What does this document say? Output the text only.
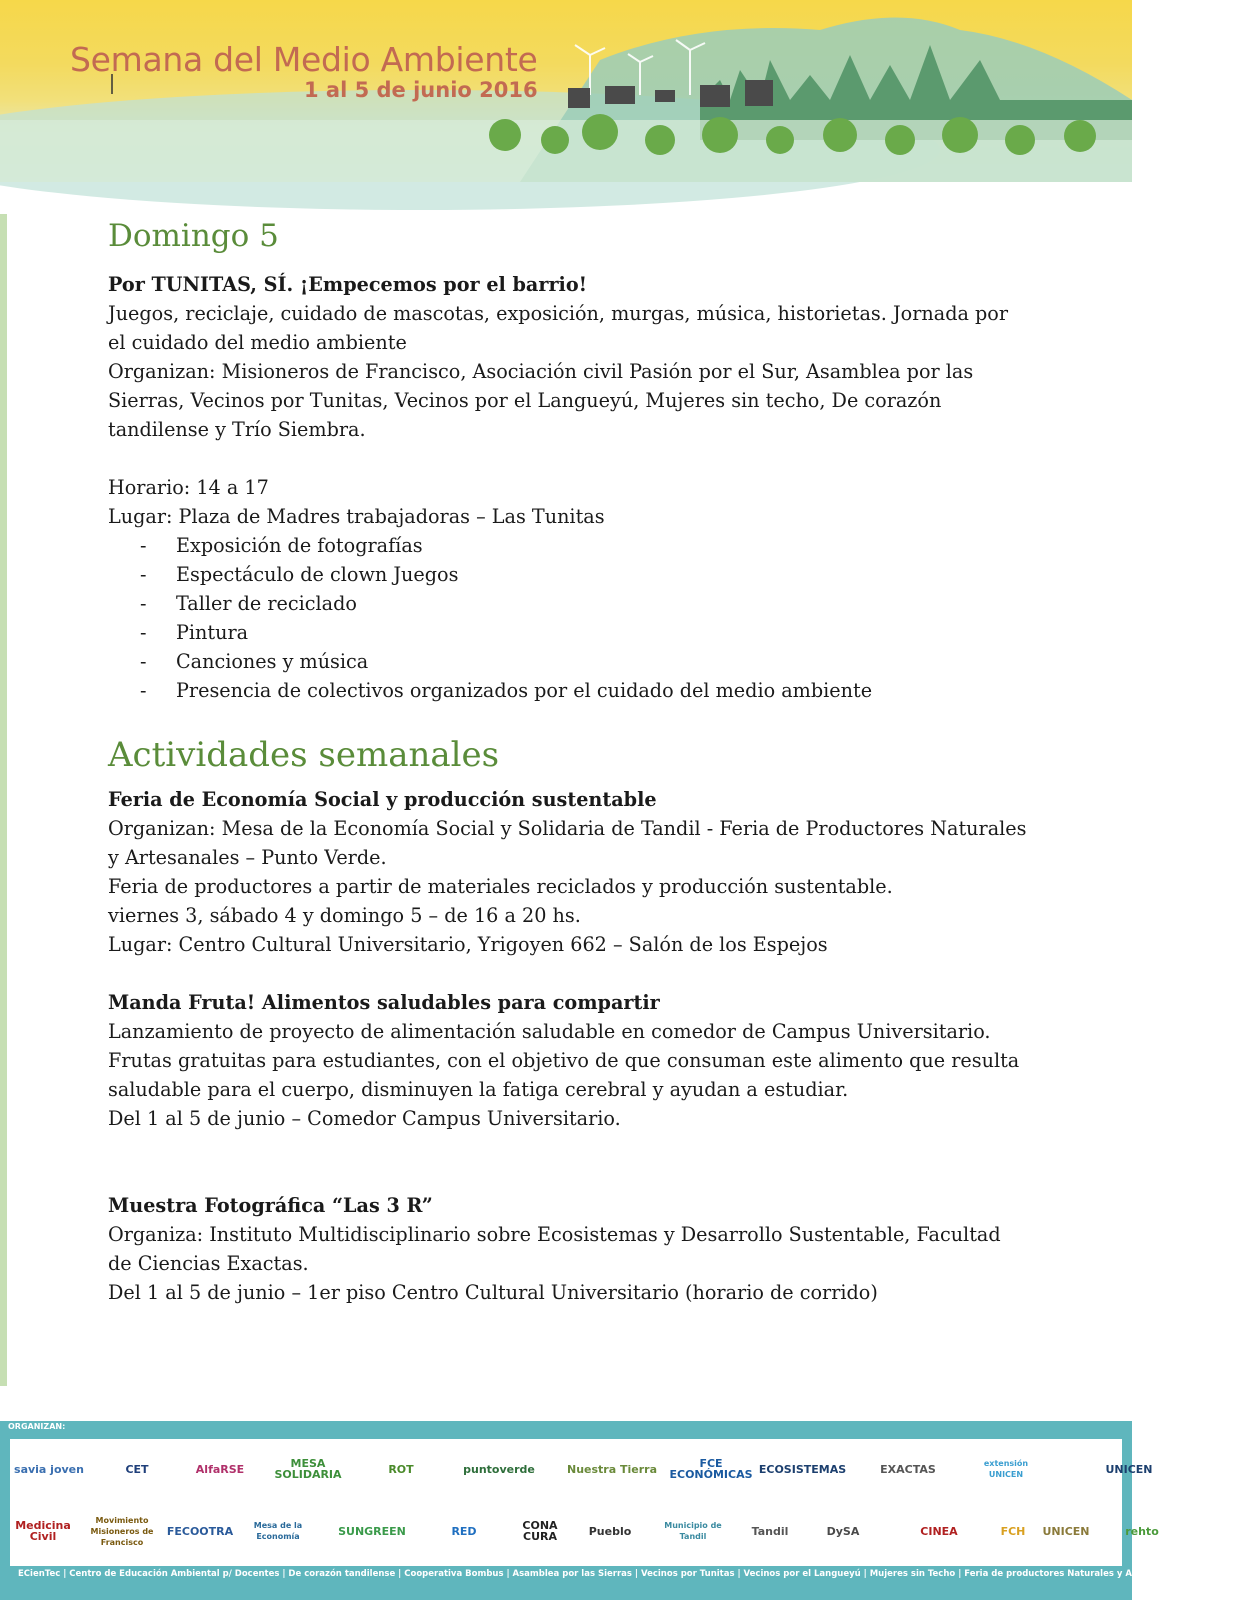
Semana del Medio Ambiente
1 al 5 de junio 2016
Domingo 5

Por TUNITAS, SÍ. ¡Empecemos por el barrio!

Juegos, reciclaje, cuidado de mascotas, exposición, murgas, música, historietas. Jornada por el cuidado del medio ambiente

Organizan: Misioneros de Francisco, Asociación civil Pasión por el Sur, Asamblea por las Sierras, Vecinos por Tunitas, Vecinos por el Langueyú, Mujeres sin techo, De corazón tandilense y Trío Siembra.

Horario: 14 a 17

Lugar: Plaza de Madres trabajadoras – Las Tunitas

- Exposición de fotografías
- Espectáculo de clown Juegos
- Taller de reciclado
- Pintura
- Canciones y música
- Presencia de colectivos organizados por el cuidado del medio ambiente
Actividades semanales

Feria de Economía Social y producción sustentable

Organizan: Mesa de la Economía Social y Solidaria de Tandil - Feria de Productores Naturales y Artesanales – Punto Verde.

Feria de productores a partir de materiales reciclados y producción sustentable.

viernes 3, sábado 4 y domingo 5 – de 16 a 20 hs.

Lugar: Centro Cultural Universitario, Yrigoyen 662 – Salón de los Espejos

Manda Fruta! Alimentos saludables para compartir

Lanzamiento de proyecto de alimentación saludable en comedor de Campus Universitario.

Frutas gratuitas para estudiantes, con el objetivo de que consuman este alimento que resulta saludable para el cuerpo, disminuyen la fatiga cerebral y ayudan a estudiar.

Del 1 al 5 de junio – Comedor Campus Universitario.

Muestra Fotográfica “Las 3 R”

Organiza: Instituto Multidisciplinario sobre Ecosistemas y Desarrollo Sustentable, Facultad de Ciencias Exactas.

Del 1 al 5 de junio – 1er piso Centro Cultural Universitario (horario de corrido)

ORGANIZAN:
savia joven	CET	AlfaRSE	MESA SOLIDARIA	ROT	puntoverde	Nuestra Tierra	FCE ECONÓMICAS ECOSISTEMAS	EXACTAS	extensión UNICEN	UNICEN
Medicina Civil
Movimiento Misioneros de Francisco
FECOOTRA	Mesa de la Economía	SUNGREEN	RED	CONA CURA	Pueblo	Municipio de Tandil	Tandil	DySA	CINEA	FCH	UNICEN	rehto
ECienTec | Centro de Educación Ambiental p/ Docentes | De corazón tandilense | Cooperativa Bombus | Asamblea por las Sierras | Vecinos por Tunitas | Vecinos por el Langueyú | Mujeres sin Techo | Feria de productores Naturales y Artesanales | Trío Siembra
